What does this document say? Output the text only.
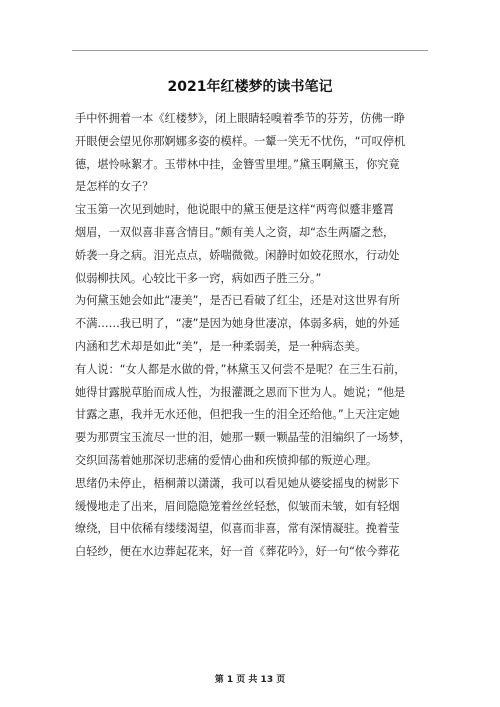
2021年红楼梦的读书笔记
手中怀拥着一本《红楼梦》，闭上眼睛轻嗅着季节的芬芳，仿佛一睁
开眼便会望见你那婀娜多姿的模样。一颦一笑无不忧伤，“可叹停机
德，堪怜咏絮才。玉带林中挂，金簪雪里埋。”黛玉啊黛玉，你究竟
是怎样的女子？
宝玉第一次见到她时，他说眼中的黛玉便是这样“两弯似蹙非蹙罥
烟眉，一双似喜非喜含情目。”颇有美人之资，却“态生两靥之愁，
娇袭一身之病。泪光点点，娇喘微微。闲静时如姣花照水，行动处
似弱柳扶风。心较比干多一窍，病如西子胜三分。”
为何黛玉她会如此“凄美”，是否已看破了红尘，还是对这世界有所
不满……我已明了，“凄”是因为她身世凄凉，体弱多病，她的外延
内涵和艺术却是如此“美”，是一种柔弱美，是一种病态美。
有人说：“女人都是水做的骨，”林黛玉又何尝不是呢？在三生石前，
她得甘露脱草胎而成人性，为报灌溉之恩而下世为人。她说；“他是
甘露之惠，我并无水还他，但把我一生的泪全还给他。”上天注定她
要为那贾宝玉流尽一世的泪，她那一颗一颗晶莹的泪编织了一场梦，
交织回荡着她那深切悲痛的爱情心曲和疾愤抑郁的叛逆心理。
思绪仍未停止，梧桐萧以潇潇，我可以看见她从婆娑摇曳的树影下
缓慢地走了出来，眉间隐隐笼着丝丝轻愁，似皱而未皱，如有轻烟
缭绕，目中依稀有缕缕渴望，似喜而非喜，常有深情凝驻。挽着莹
白轻纱，便在水边葬起花来，好一首《葬花吟》，好一句“侬今葬花
第 1 页 共 13 页
